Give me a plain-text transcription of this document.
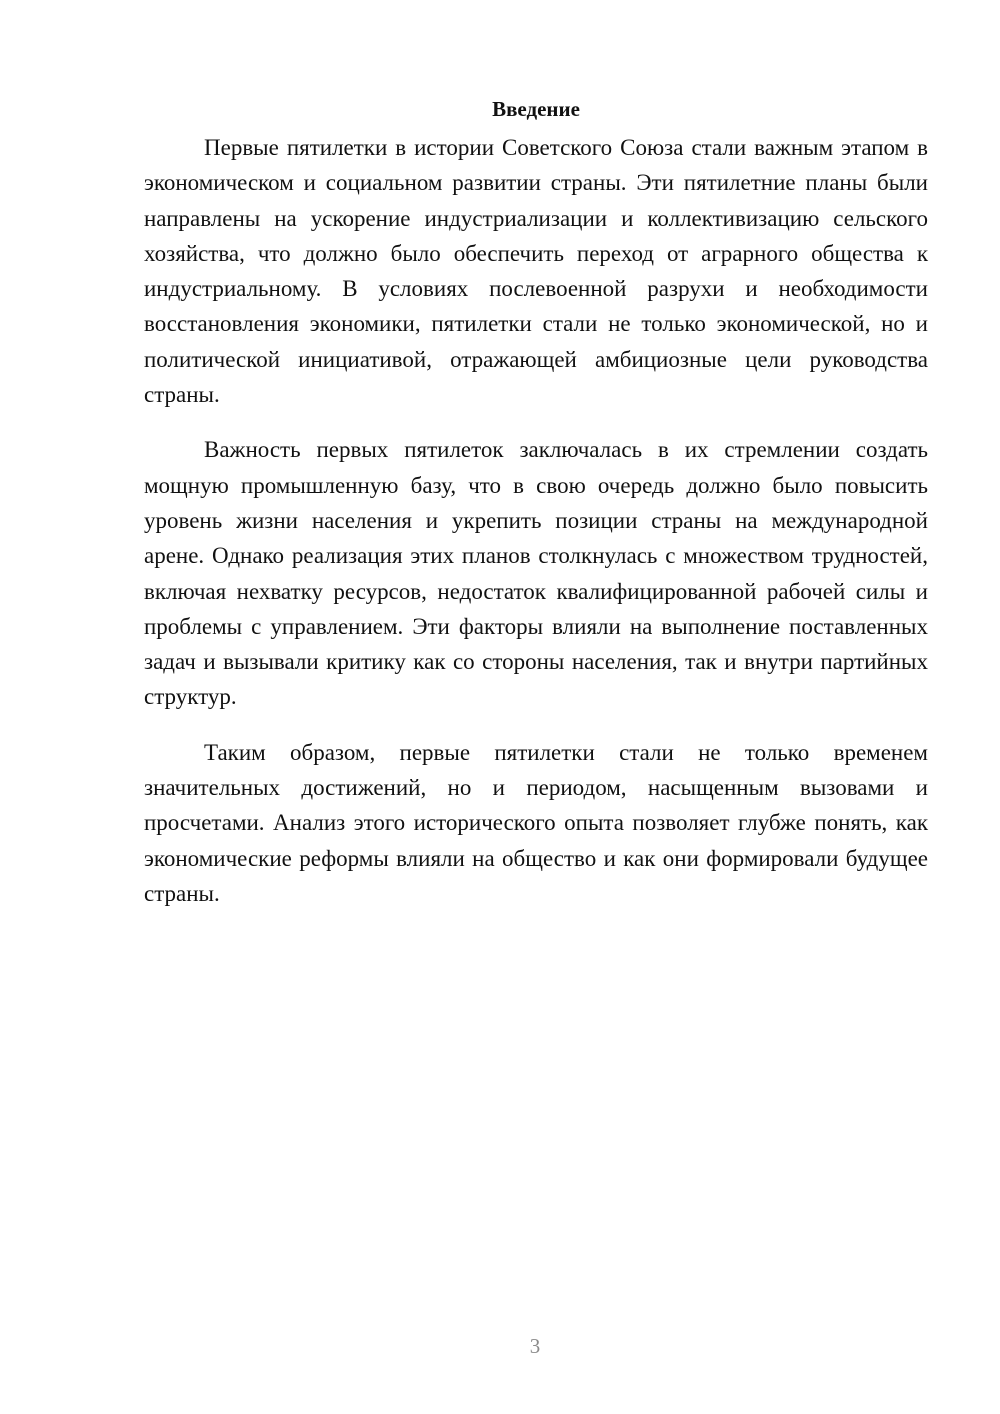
Введение

Первые пятилетки в истории Советского Союза стали важным этапом в экономическом и социальном развитии страны. Эти пятилетние планы были направлены на ускорение индустриализации и коллективизацию сельского хозяйства, что должно было обеспечить переход от аграрного общества к индустриальному. В условиях послевоенной разрухи и необходимости восстановления экономики, пятилетки стали не только экономической, но и политической инициативой, отражающей амбициозные цели руководства страны.

Важность первых пятилеток заключалась в их стремлении создать мощную промышленную базу, что в свою очередь должно было повысить уровень жизни населения и укрепить позиции страны на международной арене. Однако реализация этих планов столкнулась с множеством трудностей, включая нехватку ресурсов, недостаток квалифицированной рабочей силы и проблемы с управлением. Эти факторы влияли на выполнение поставленных задач и вызывали критику как со стороны населения, так и внутри партийных структур.

Таким образом, первые пятилетки стали не только временем значительных достижений, но и периодом, насыщенным вызовами и просчетами. Анализ этого исторического опыта позволяет глубже понять, как экономические реформы влияли на общество и как они формировали будущее страны.

3
